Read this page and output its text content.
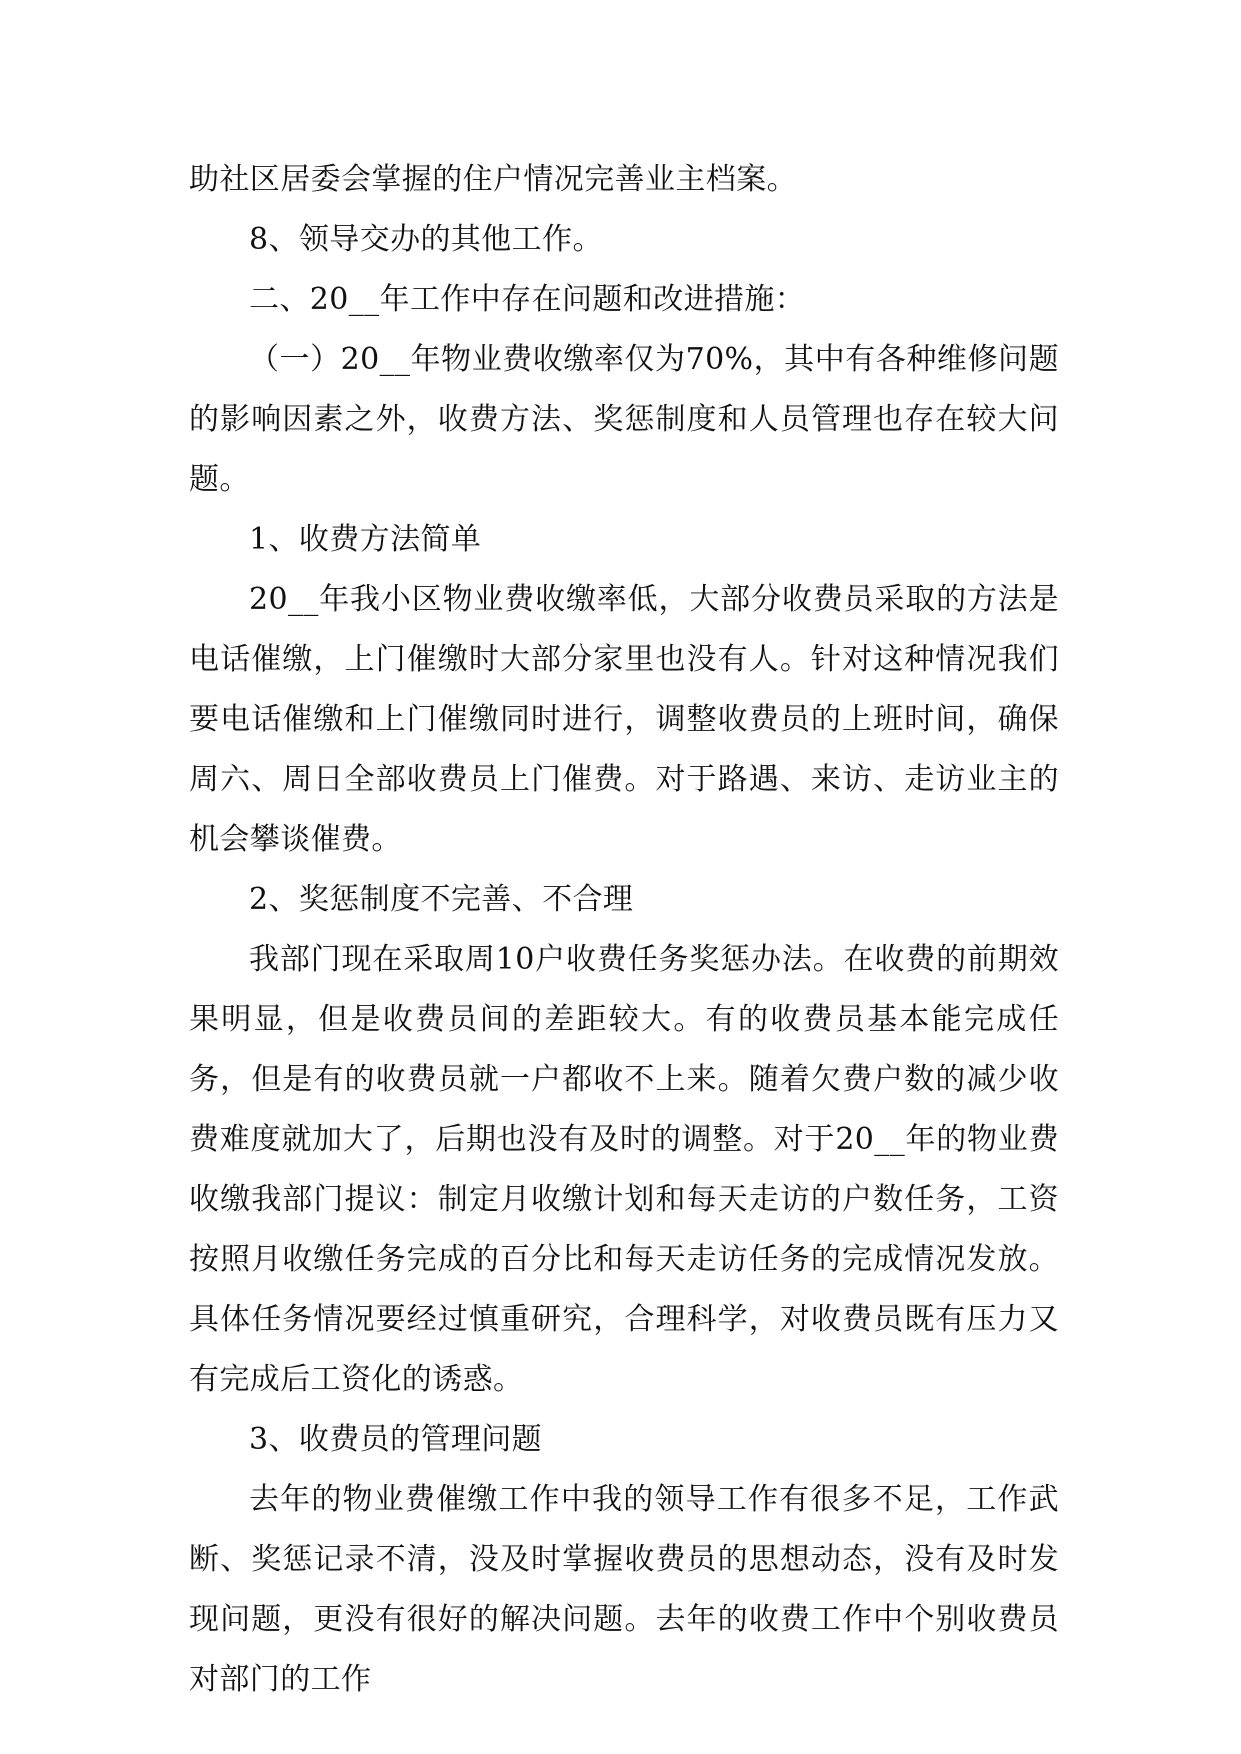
助社区居委会掌握的住户情况完善业主档案。

8、领导交办的其他工作。

二、20__年工作中存在问题和改进措施：

（一）20__年物业费收缴率仅为70%，其中有各种维修问题的影响因素之外，收费方法、奖惩制度和人员管理也存在较大问题。

1、收费方法简单

20__年我小区物业费收缴率低，大部分收费员采取的方法是电话催缴，上门催缴时大部分家里也没有人。针对这种情况我们要电话催缴和上门催缴同时进行，调整收费员的上班时间，确保周六、周日全部收费员上门催费。对于路遇、来访、走访业主的机会攀谈催费。

2、奖惩制度不完善、不合理

我部门现在采取周10户收费任务奖惩办法。在收费的前期效果明显，但是收费员间的差距较大。有的收费员基本能完成任务，但是有的收费员就一户都收不上来。随着欠费户数的减少收费难度就加大了，后期也没有及时的调整。对于20__年的物业费收缴我部门提议：制定月收缴计划和每天走访的户数任务，工资按照月收缴任务完成的百分比和每天走访任务的完成情况发放。具体任务情况要经过慎重研究，合理科学，对收费员既有压力又有完成后工资化的诱惑。

3、收费员的管理问题

去年的物业费催缴工作中我的领导工作有很多不足，工作武断、奖惩记录不清，没及时掌握收费员的思想动态，没有及时发现问题，更没有很好的解决问题。去年的收费工作中个别收费员对部门的工作
